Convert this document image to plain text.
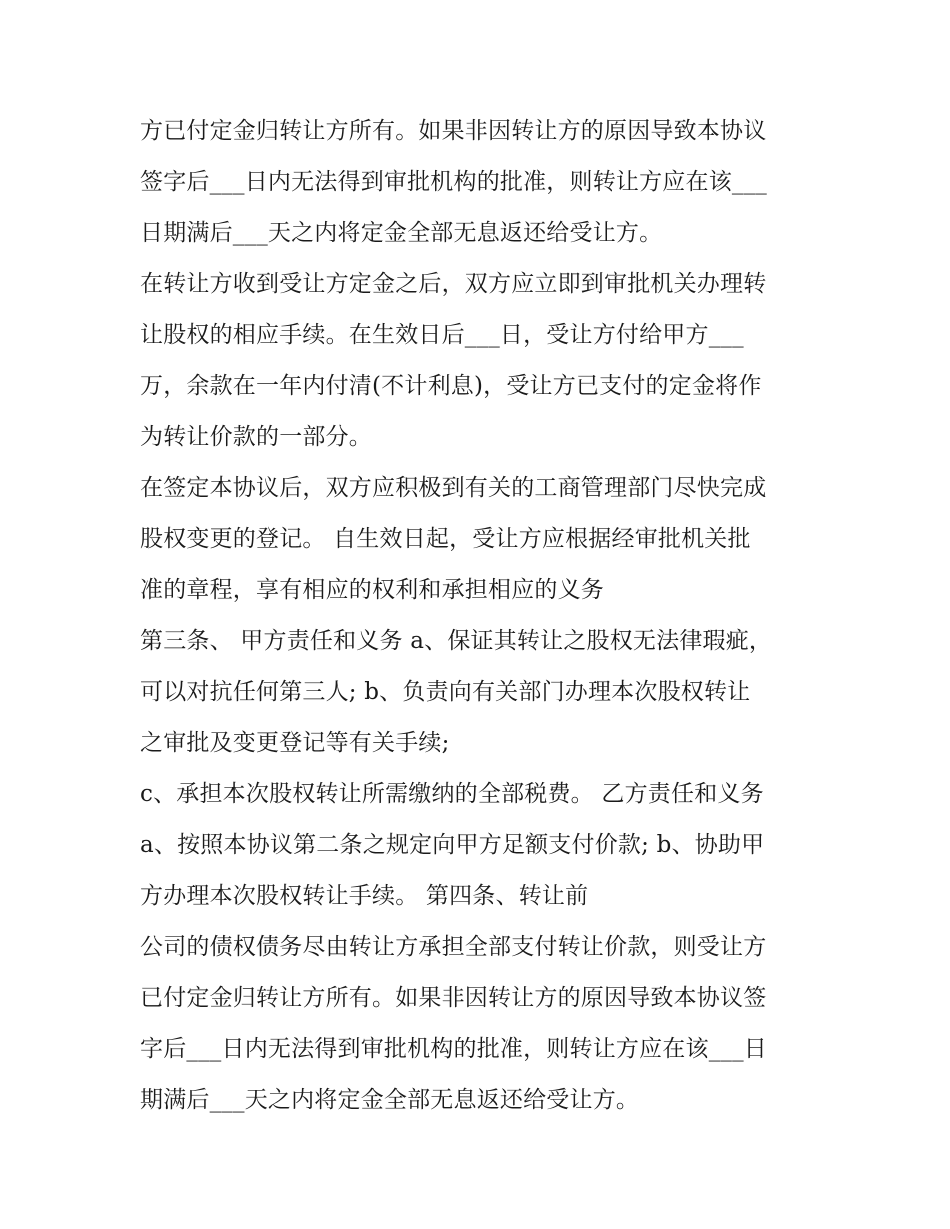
方已付定金归转让方所有。如果非因转让方的原因导致本协议
签字后___日内无法得到审批机构的批准，则转让方应在该___
日期满后___天之内将定金全部无息返还给受让方。
在转让方收到受让方定金之后，双方应立即到审批机关办理转
让股权的相应手续。在生效日后___日，受让方付给甲方___
万，余款在一年内付清(不计利息)，受让方已支付的定金将作
为转让价款的一部分。
在签定本协议后，双方应积极到有关的工商管理部门尽快完成
股权变更的登记。 自生效日起，受让方应根据经审批机关批
准的章程，享有相应的权利和承担相应的义务
第三条、 甲方责任和义务 a、保证其转让之股权无法律瑕疵，
可以对抗任何第三人; b、负责向有关部门办理本次股权转让
之审批及变更登记等有关手续;
c、承担本次股权转让所需缴纳的全部税费。 乙方责任和义务
a、按照本协议第二条之规定向甲方足额支付价款; b、协助甲
方办理本次股权转让手续。 第四条、转让前
公司的债权债务尽由转让方承担全部支付转让价款，则受让方
已付定金归转让方所有。如果非因转让方的原因导致本协议签
字后___日内无法得到审批机构的批准，则转让方应在该___日
期满后___天之内将定金全部无息返还给受让方。
